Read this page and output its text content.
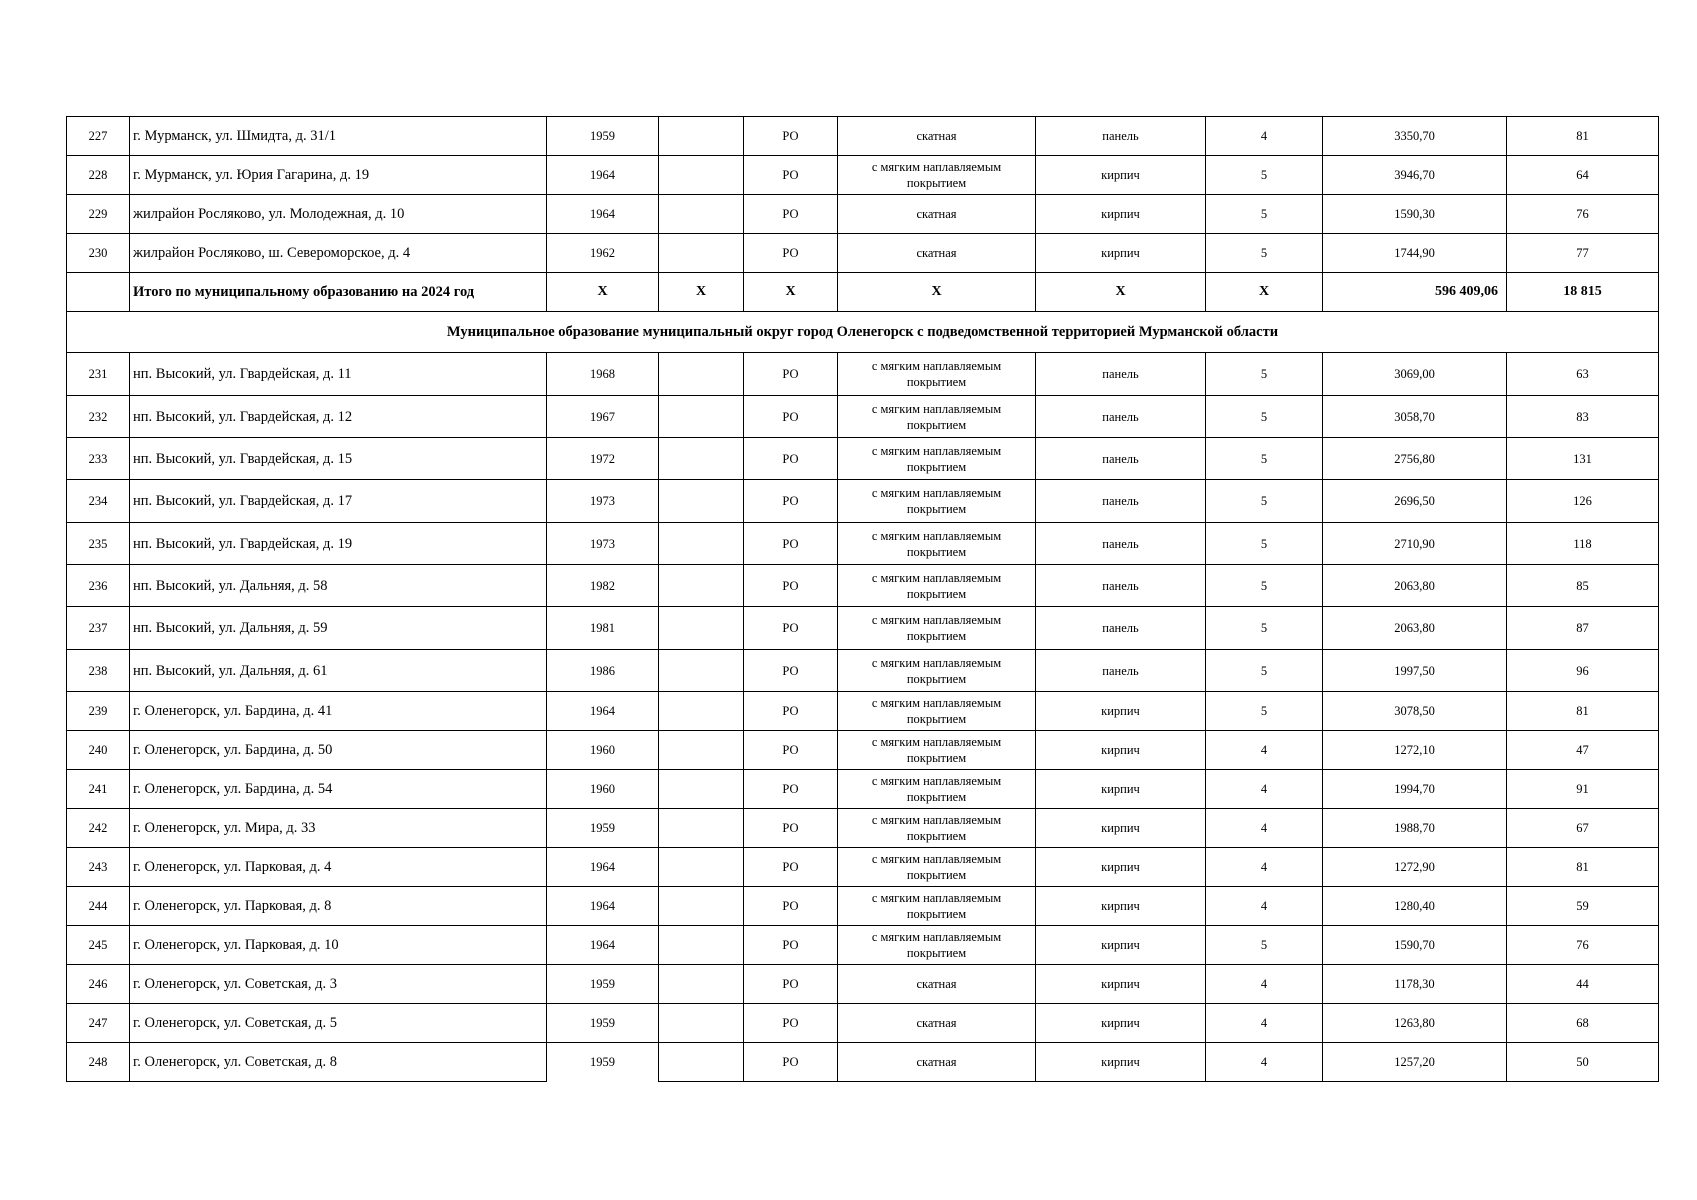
227	г. Мурманск, ул. Шмидта, д. 31/1	1959		РО	скатная	панель	4	3350,70	81
228	г. Мурманск, ул. Юрия Гагарина, д. 19	1964		РО	с мягким наплавляемым покрытием	кирпич	5	3946,70	64
229	жилрайон Росляково, ул. Молодежная, д. 10	1964		РО	скатная	кирпич	5	1590,30	76
230	жилрайон Росляково, ш. Североморское, д. 4	1962		РО	скатная	кирпич	5	1744,90	77
	Итого по муниципальному образованию на 2024 год	Х	Х	Х	Х	Х	Х	596 409,06	18 815
Муниципальное образование муниципальный округ город Оленегорск с подведомственной территорией Мурманской области									
231	нп. Высокий, ул. Гвардейская, д. 11	1968		РО	с мягким наплавляемым покрытием	панель	5	3069,00	63
232	нп. Высокий, ул. Гвардейская, д. 12	1967		РО	с мягким наплавляемым покрытием	панель	5	3058,70	83
233	нп. Высокий, ул. Гвардейская, д. 15	1972		РО	с мягким наплавляемым покрытием	панель	5	2756,80	131
234	нп. Высокий, ул. Гвардейская, д. 17	1973		РО	с мягким наплавляемым покрытием	панель	5	2696,50	126
235	нп. Высокий, ул. Гвардейская, д. 19	1973		РО	с мягким наплавляемым покрытием	панель	5	2710,90	118
236	нп. Высокий, ул. Дальняя, д. 58	1982		РО	с мягким наплавляемым покрытием	панель	5	2063,80	85
237	нп. Высокий, ул. Дальняя, д. 59	1981		РО	с мягким наплавляемым покрытием	панель	5	2063,80	87
238	нп. Высокий, ул. Дальняя, д. 61	1986		РО	с мягким наплавляемым покрытием	панель	5	1997,50	96
239	г. Оленегорск, ул. Бардина, д. 41	1964		РО	с мягким наплавляемым покрытием	кирпич	5	3078,50	81
240	г. Оленегорск, ул. Бардина, д. 50	1960		РО	с мягким наплавляемым покрытием	кирпич	4	1272,10	47
241	г. Оленегорск, ул. Бардина, д. 54	1960		РО	с мягким наплавляемым покрытием	кирпич	4	1994,70	91
242	г. Оленегорск, ул. Мира, д. 33	1959		РО	с мягким наплавляемым покрытием	кирпич	4	1988,70	67
243	г. Оленегорск, ул. Парковая, д. 4	1964		РО	с мягким наплавляемым покрытием	кирпич	4	1272,90	81
244	г. Оленегорск, ул. Парковая, д. 8	1964		РО	с мягким наплавляемым покрытием	кирпич	4	1280,40	59
245	г. Оленегорск, ул. Парковая, д. 10	1964		РО	с мягким наплавляемым покрытием	кирпич	5	1590,70	76
246	г. Оленегорск, ул. Советская, д. 3	1959		РО	скатная	кирпич	4	1178,30	44
247	г. Оленегорск, ул. Советская, д. 5	1959		РО	скатная	кирпич	4	1263,80	68
248	г. Оленегорск, ул. Советская, д. 8	1959		РО	скатная	кирпич	4	1257,20	50
